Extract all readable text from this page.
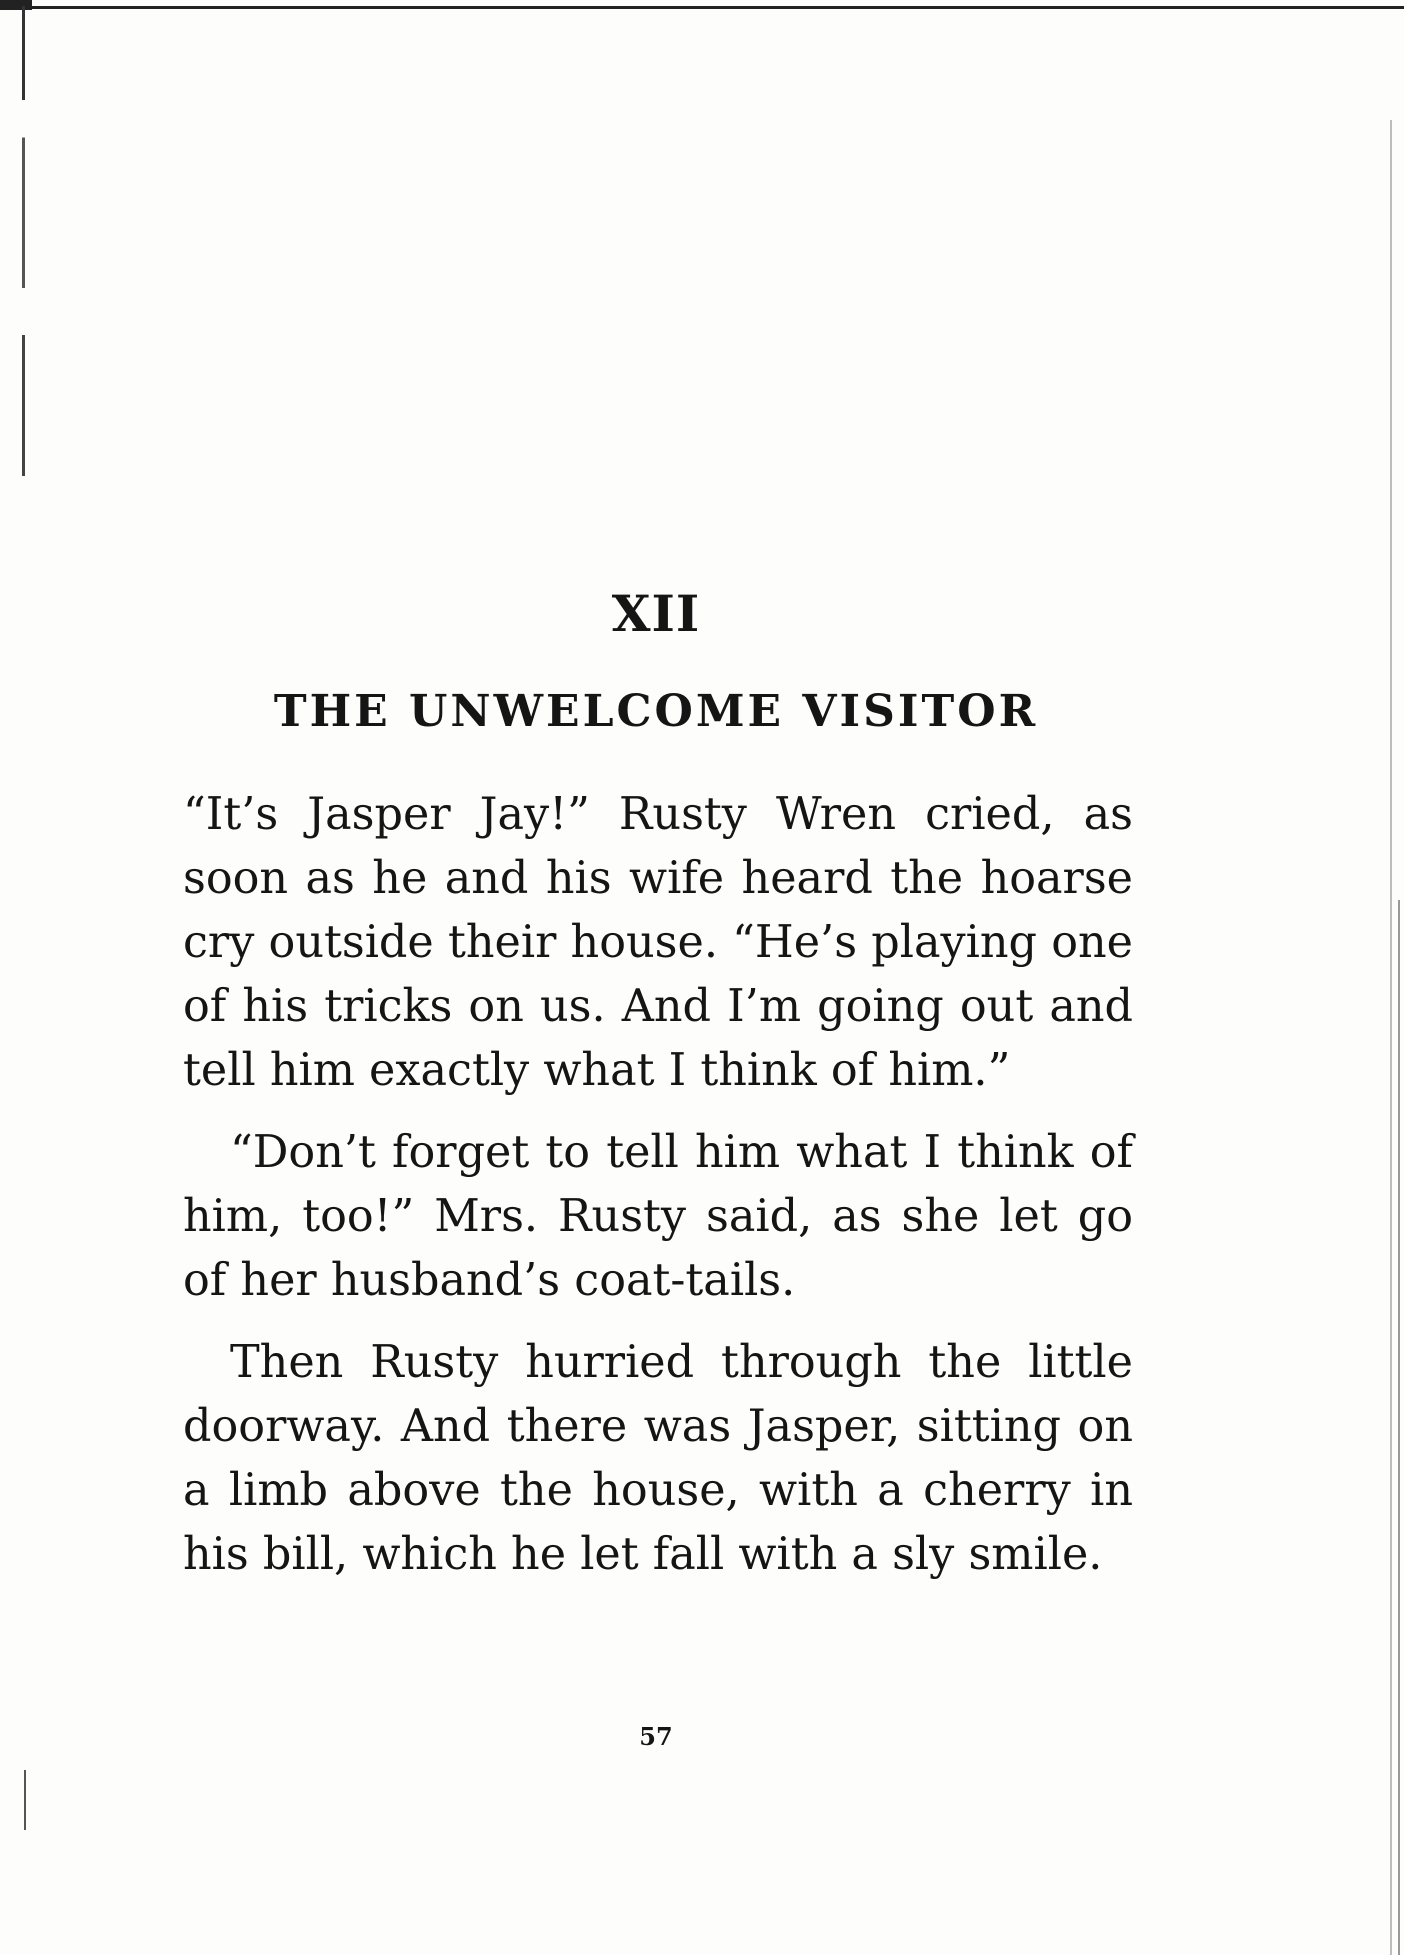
XII
THE UNWELCOME VISITOR

“It’s Jasper Jay!” Rusty Wren cried, as soon as he and his wife heard the hoarse cry outside their house. “He’s playing one of his tricks on us. And I’m going out and tell him exactly what I think of him.”

“Don’t forget to tell him what I think of him, too!” Mrs. Rusty said, as she let go of her husband’s coat-tails.

Then Rusty hurried through the little doorway. And there was Jasper, sitting on a limb above the house, with a cherry in his bill, which he let fall with a sly smile.

57
